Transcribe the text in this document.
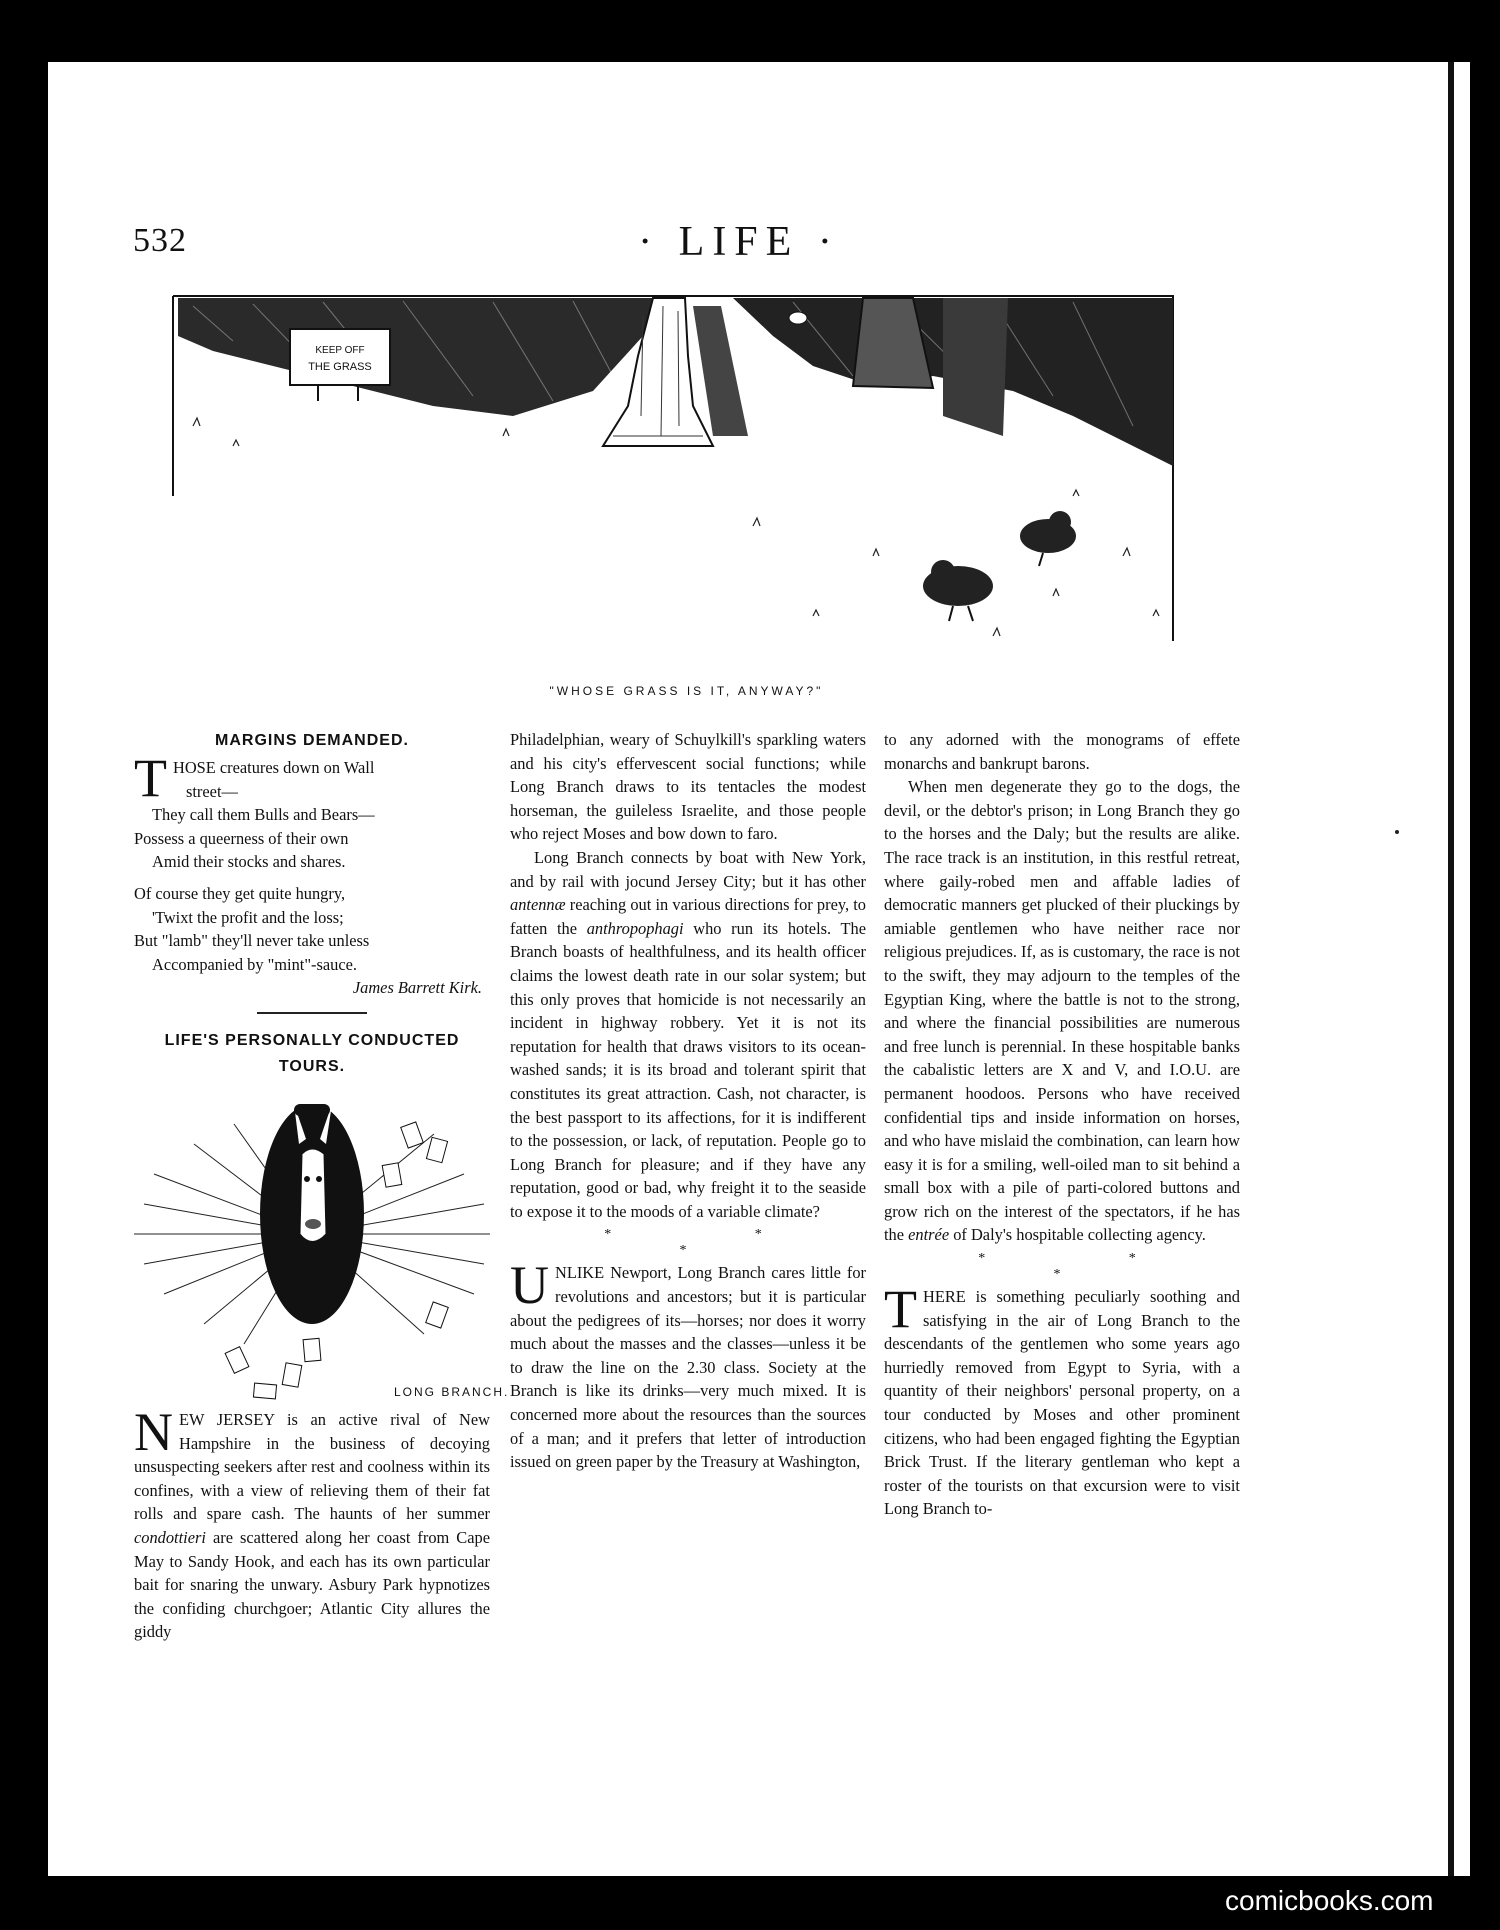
532	· LIFE ·
KEEP OFF
THE GRASS
"WHOSE GRASS IS IT, ANYWAY?"
MARGINS DEMANDED.
T HOSE creatures down on Wall
street—
They call them Bulls and Bears—
Possess a queerness of their own
Amid their stocks and shares.
Of course they get quite hungry,
'Twixt the profit and the loss;
But "lamb" they'll never take unless
Accompanied by "mint"-sauce.
James Barrett Kirk.
LIFE'S PERSONALLY CONDUCTED
TOURS.
LONG BRANCH.

NEW JERSEY is an active rival of New Hampshire in the business of decoying unsuspecting seekers after rest and coolness within its confines, with a view of relieving them of their fat rolls and spare cash. The haunts of her summer condottieri are scattered along her coast from Cape May to Sandy Hook, and each has its own particular bait for snaring the unwary. Asbury Park hypnotizes the confiding churchgoer; Atlantic City allures the giddy

Philadelphian, weary of Schuylkill's sparkling waters and his city's effervescent social functions; while Long Branch draws to its tentacles the modest horseman, the guileless Israelite, and those people who reject Moses and bow down to faro.

Long Branch connects by boat with New York, and by rail with jocund Jersey City; but it has other antennæ reaching out in various directions for prey, to fatten the anthropophagi who run its hotels. The Branch boasts of healthfulness, and its health officer claims the lowest death rate in our solar system; but this only proves that homicide is not necessarily an incident in highway robbery. Yet it is not its reputation for health that draws visitors to its ocean-washed sands; it is its broad and tolerant spirit that constitutes its great attraction. Cash, not character, is the best passport to its affections, for it is indifferent to the possession, or lack, of reputation. People go to Long Branch for pleasure; and if they have any reputation, good or bad, why freight it to the seaside to expose it to the moods of a variable climate?

* * *

UNLIKE Newport, Long Branch cares little for revolutions and ancestors; but it is particular about the pedigrees of its—horses; nor does it worry much about the masses and the classes—unless it be to draw the line on the 2.30 class. Society at the Branch is like its drinks—very much mixed. It is concerned more about the resources than the sources of a man; and it prefers that letter of introduction issued on green paper by the Treasury at Washington,

to any adorned with the monograms of effete monarchs and bankrupt barons.

When men degenerate they go to the dogs, the devil, or the debtor's prison; in Long Branch they go to the horses and the Daly; but the results are alike. The race track is an institution, in this restful retreat, where gaily-robed men and affable ladies of democratic manners get plucked of their pluckings by amiable gentlemen who have neither race nor religious prejudices. If, as is customary, the race is not to the swift, they may adjourn to the temples of the Egyptian King, where the battle is not to the strong, and where the financial possibilities are numerous and free lunch is perennial. In these hospitable banks the cabalistic letters are X and V, and I.O.U. are permanent hoodoos. Persons who have received confidential tips and inside information on horses, and who have mislaid the combination, can learn how easy it is for a smiling, well-oiled man to sit behind a small box with a pile of parti-colored buttons and grow rich on the interest of the spectators, if he has the entrée of Daly's hospitable collecting agency.

* * *

THERE is something peculiarly soothing and satisfying in the air of Long Branch to the descendants of the gentlemen who some years ago hurriedly removed from Egypt to Syria, with a quantity of their neighbors' personal property, on a tour conducted by Moses and other prominent citizens, who had been engaged fighting the Egyptian Brick Trust. If the literary gentleman who kept a roster of the tourists on that excursion were to visit Long Branch to-

comicbooks.com
